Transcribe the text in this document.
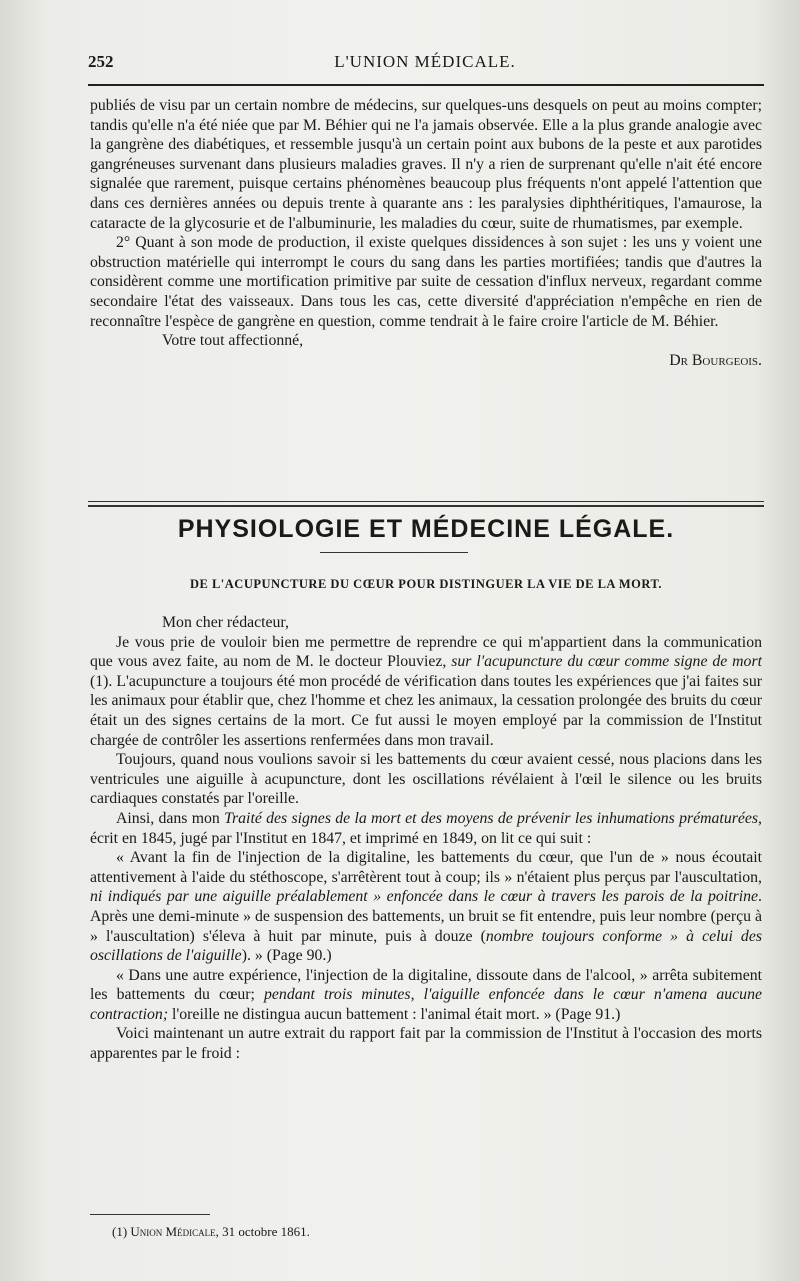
252	L'UNION MÉDICALE.

publiés de visu par un certain nombre de médecins, sur quelques-uns desquels on peut au moins compter; tandis qu'elle n'a été niée que par M. Béhier qui ne l'a jamais observée. Elle a la plus grande analogie avec la gangrène des diabétiques, et ressemble jusqu'à un certain point aux bubons de la peste et aux parotides gangréneuses survenant dans plusieurs maladies graves. Il n'y a rien de surprenant qu'elle n'ait été encore signalée que rarement, puisque certains phénomènes beaucoup plus fréquents n'ont appelé l'attention que dans ces dernières années ou depuis trente à quarante ans : les paralysies diphthéritiques, l'amaurose, la cataracte de la glycosurie et de l'albuminurie, les maladies du cœur, suite de rhumatismes, par exemple.

2° Quant à son mode de production, il existe quelques dissidences à son sujet : les uns y voient une obstruction matérielle qui interrompt le cours du sang dans les parties mortifiées; tandis que d'autres la considèrent comme une mortification primitive par suite de cessation d'influx nerveux, regardant comme secondaire l'état des vaisseaux. Dans tous les cas, cette diversité d'appréciation n'empêche en rien de reconnaître l'espèce de gangrène en question, comme tendrait à le faire croire l'article de M. Béhier.

Votre tout affectionné,

Dr Bourgeois.

PHYSIOLOGIE ET MÉDECINE LÉGALE.
DE L'ACUPUNCTURE DU CŒUR POUR DISTINGUER LA VIE DE LA MORT.

Mon cher rédacteur,

Je vous prie de vouloir bien me permettre de reprendre ce qui m'appartient dans la communication que vous avez faite, au nom de M. le docteur Plouviez, sur l'acupuncture du cœur comme signe de mort (1). L'acupuncture a toujours été mon procédé de vérification dans toutes les expériences que j'ai faites sur les animaux pour établir que, chez l'homme et chez les animaux, la cessation prolongée des bruits du cœur était un des signes certains de la mort. Ce fut aussi le moyen employé par la commission de l'Institut chargée de contrôler les assertions renfermées dans mon travail.

Toujours, quand nous voulions savoir si les battements du cœur avaient cessé, nous placions dans les ventricules une aiguille à acupuncture, dont les oscillations révélaient à l'œil le silence ou les bruits cardiaques constatés par l'oreille.

Ainsi, dans mon Traité des signes de la mort et des moyens de prévenir les inhumations prématurées, écrit en 1845, jugé par l'Institut en 1847, et imprimé en 1849, on lit ce qui suit :

« Avant la fin de l'injection de la digitaline, les battements du cœur, que l'un de » nous écoutait attentivement à l'aide du stéthoscope, s'arrêtèrent tout à coup; ils » n'étaient plus perçus par l'auscultation, ni indiqués par une aiguille préalablement » enfoncée dans le cœur à travers les parois de la poitrine. Après une demi-minute » de suspension des battements, un bruit se fit entendre, puis leur nombre (perçu à » l'auscultation) s'éleva à huit par minute, puis à douze (nombre toujours conforme » à celui des oscillations de l'aiguille). » (Page 90.)

« Dans une autre expérience, l'injection de la digitaline, dissoute dans de l'alcool, » arrêta subitement les battements du cœur; pendant trois minutes, l'aiguille enfoncée dans le cœur n'amena aucune contraction; l'oreille ne distingua aucun battement : l'animal était mort. » (Page 91.)

Voici maintenant un autre extrait du rapport fait par la commission de l'Institut à l'occasion des morts apparentes par le froid :

(1) Union Médicale, 31 octobre 1861.
